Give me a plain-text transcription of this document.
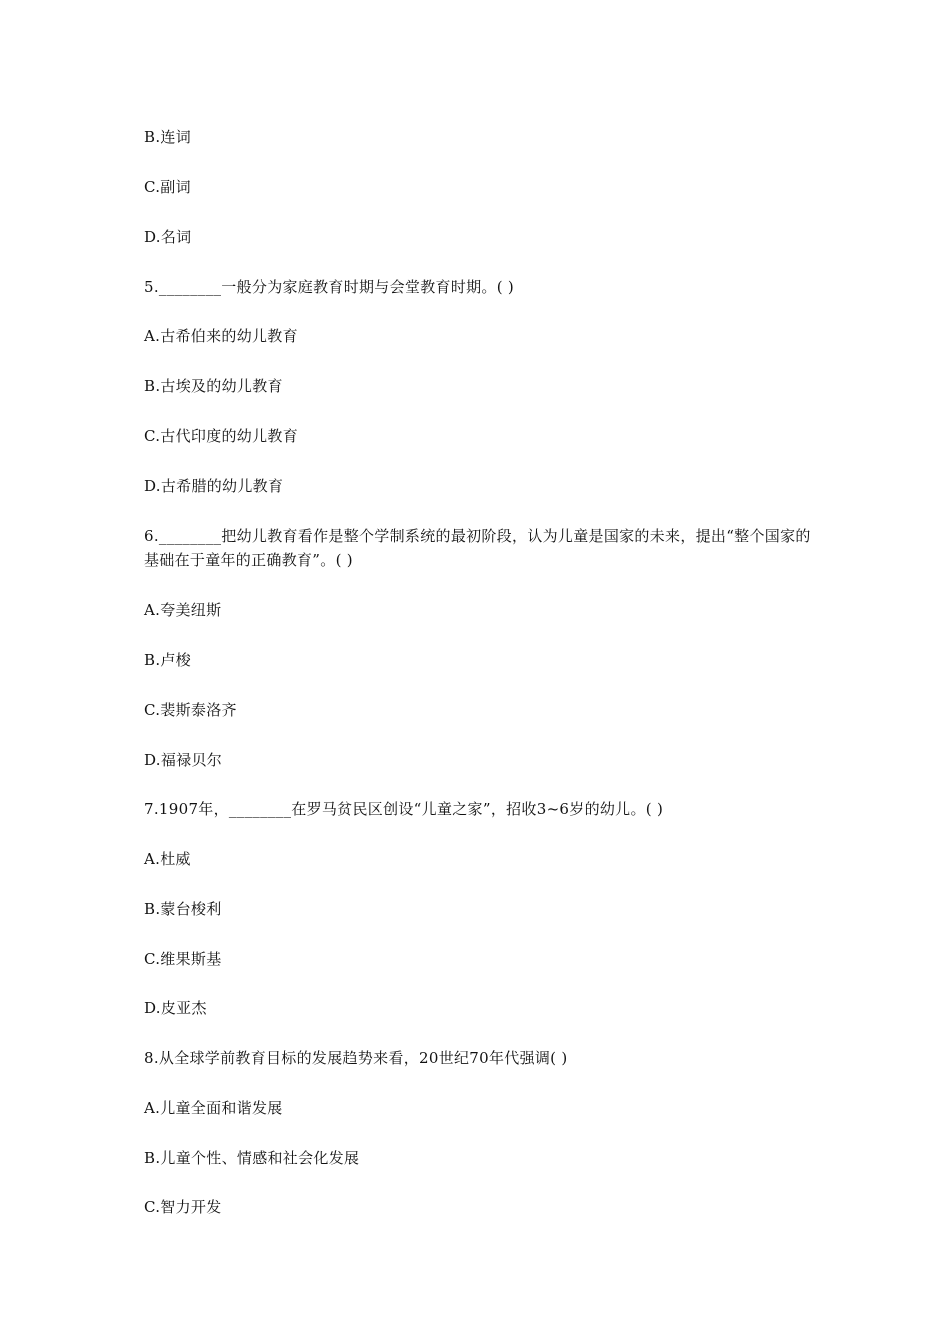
B.连词
C.副词
D.名词
5.________一般分为家庭教育时期与会堂教育时期。( )
A.古希伯来的幼儿教育
B.古埃及的幼儿教育
C.古代印度的幼儿教育
D.古希腊的幼儿教育
6.________把幼儿教育看作是整个学制系统的最初阶段，认为儿童是国家的未来，提出“整个国家的基础在于童年的正确教育”。( )
A.夸美纽斯
B.卢梭
C.裴斯泰洛齐
D.福禄贝尔
7.1907年，________在罗马贫民区创设“儿童之家”，招收3~6岁的幼儿。( )
A.杜威
B.蒙台梭利
C.维果斯基
D.皮亚杰
8.从全球学前教育目标的发展趋势来看，20世纪70年代强调( )
A.儿童全面和谐发展
B.儿童个性、情感和社会化发展
C.智力开发
